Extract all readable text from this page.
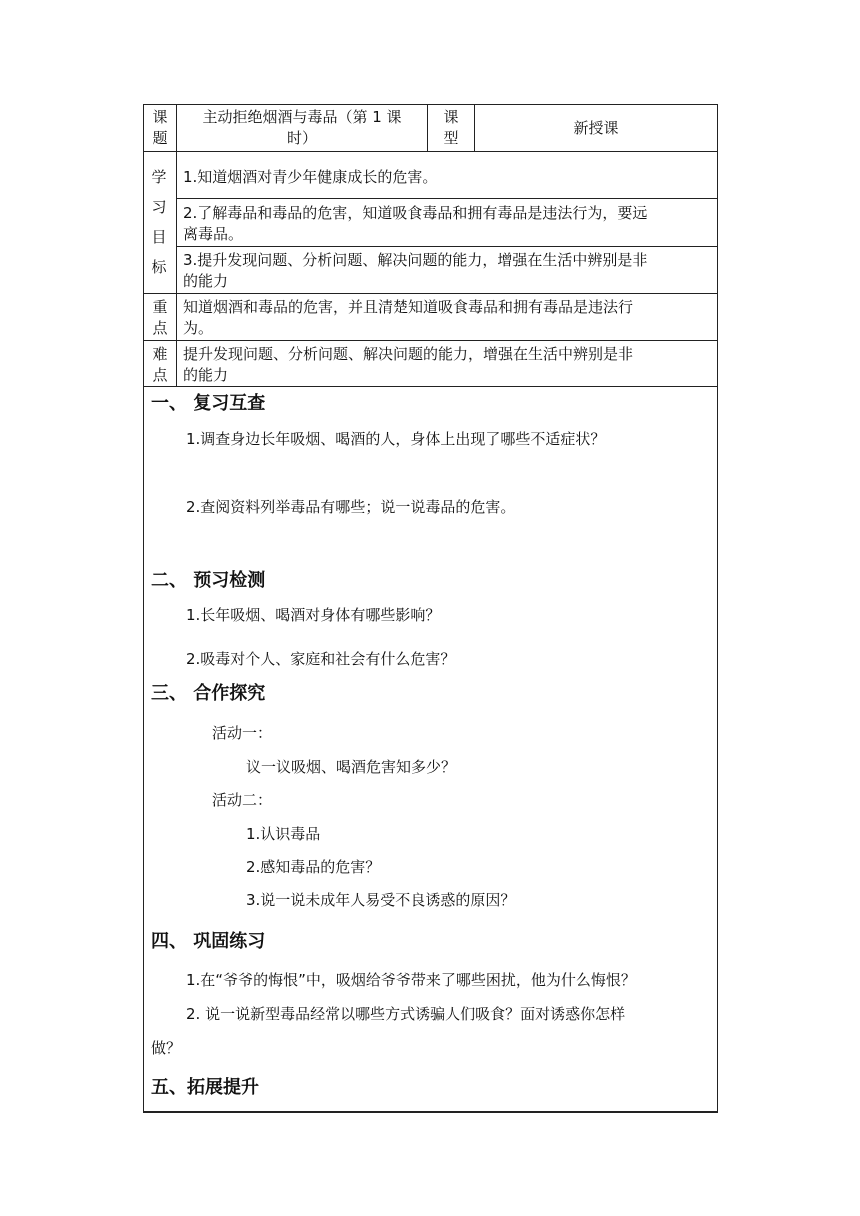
课
题
主动拒绝烟酒与毒品（第 1 课
时）
课
型
新授课
学
习
目
标
1.知道烟酒对青少年健康成长的危害。
2.了解毒品和毒品的危害，知道吸食毒品和拥有毒品是违法行为，要远
离毒品。
3.提升发现问题、分析问题、解决问题的能力，增强在生活中辨别是非
的能力
重
点
知道烟酒和毒品的危害，并且清楚知道吸食毒品和拥有毒品是违法行
为。
难
点
提升发现问题、分析问题、解决问题的能力，增强在生活中辨别是非
的能力
一、 复习互查
1.调查身边长年吸烟、喝酒的人，身体上出现了哪些不适症状？
2.查阅资料列举毒品有哪些；说一说毒品的危害。
二、 预习检测
1.长年吸烟、喝酒对身体有哪些影响？
2.吸毒对个人、家庭和社会有什么危害？
三、 合作探究
活动一：
议一议吸烟、喝酒危害知多少？
活动二：
1.认识毒品
2.感知毒品的危害？
3.说一说未成年人易受不良诱惑的原因？
四、 巩固练习
1.在“爷爷的悔恨”中，吸烟给爷爷带来了哪些困扰，他为什么悔恨？
2. 说一说新型毒品经常以哪些方式诱骗人们吸食？面对诱惑你怎样
做？
五、拓展提升
